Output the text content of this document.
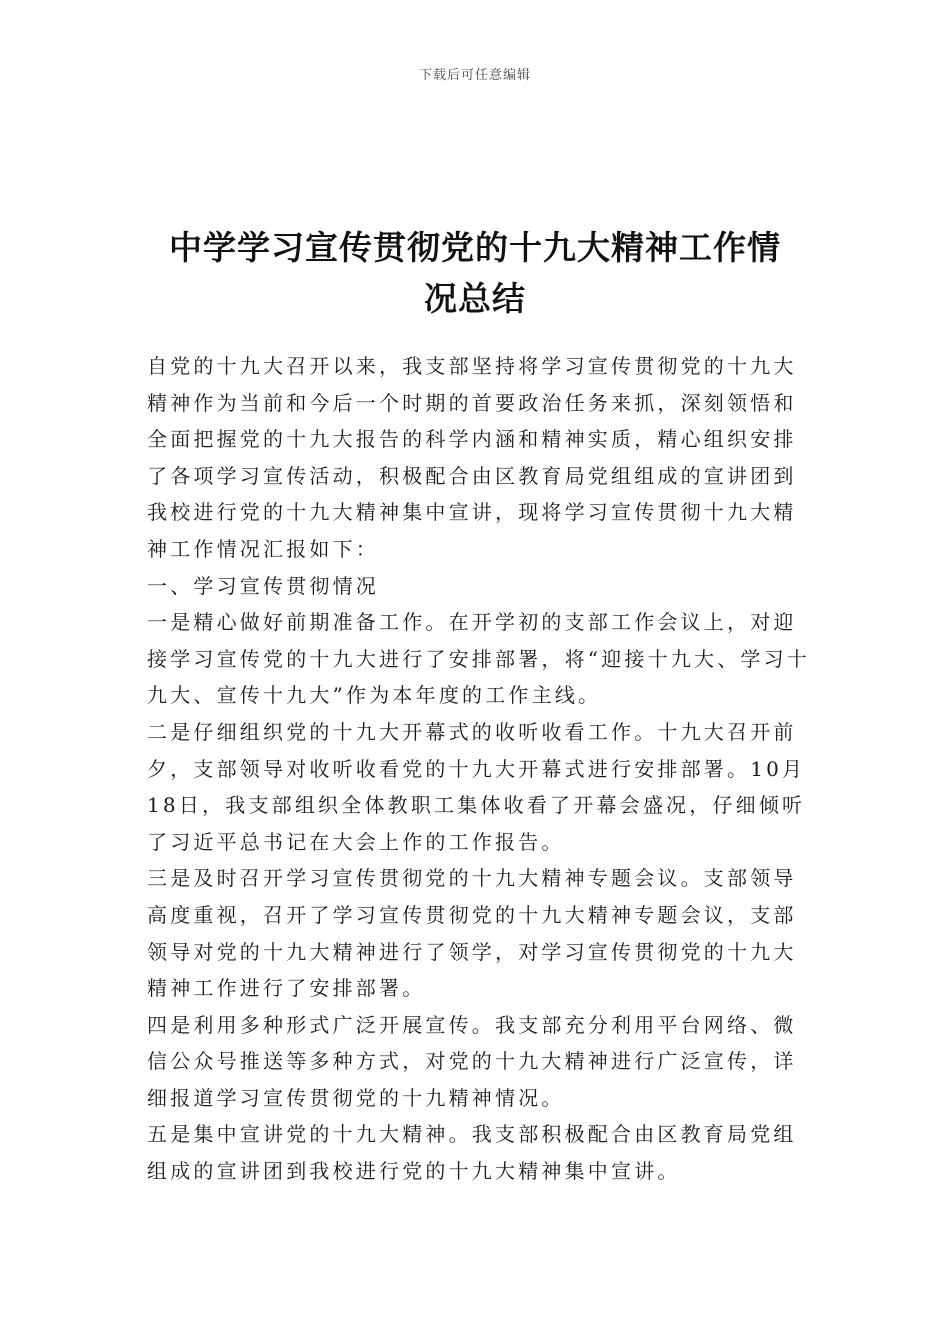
下载后可任意编辑
中学学习宣传贯彻党的十九大精神工作情
况总结

自党的十九大召开以来，我支部坚持将学习宣传贯彻党的十九大精神作为当前和今后一个时期的首要政治任务来抓，深刻领悟和全面把握党的十九大报告的科学内涵和精神实质，精心组织安排了各项学习宣传活动，积极配合由区教育局党组组成的宣讲团到我校进行党的十九大精神集中宣讲，现将学习宣传贯彻十九大精神工作情况汇报如下：

一、学习宣传贯彻情况

一是精心做好前期准备工作。在开学初的支部工作会议上，对迎接学习宣传党的十九大进行了安排部署，将“迎接十九大、学习十九大、宣传十九大”作为本年度的工作主线。

二是仔细组织党的十九大开幕式的收听收看工作。十九大召开前夕，支部领导对收听收看党的十九大开幕式进行安排部署。10月18日，我支部组织全体教职工集体收看了开幕会盛况，仔细倾听了习近平总书记在大会上作的工作报告。

三是及时召开学习宣传贯彻党的十九大精神专题会议。支部领导高度重视，召开了学习宣传贯彻党的十九大精神专题会议，支部领导对党的十九大精神进行了领学，对学习宣传贯彻党的十九大精神工作进行了安排部署。

四是利用多种形式广泛开展宣传。我支部充分利用平台网络、微信公众号推送等多种方式，对党的十九大精神进行广泛宣传，详细报道学习宣传贯彻党的十九精神情况。

五是集中宣讲党的十九大精神。我支部积极配合由区教育局党组组成的宣讲团到我校进行党的十九大精神集中宣讲。
